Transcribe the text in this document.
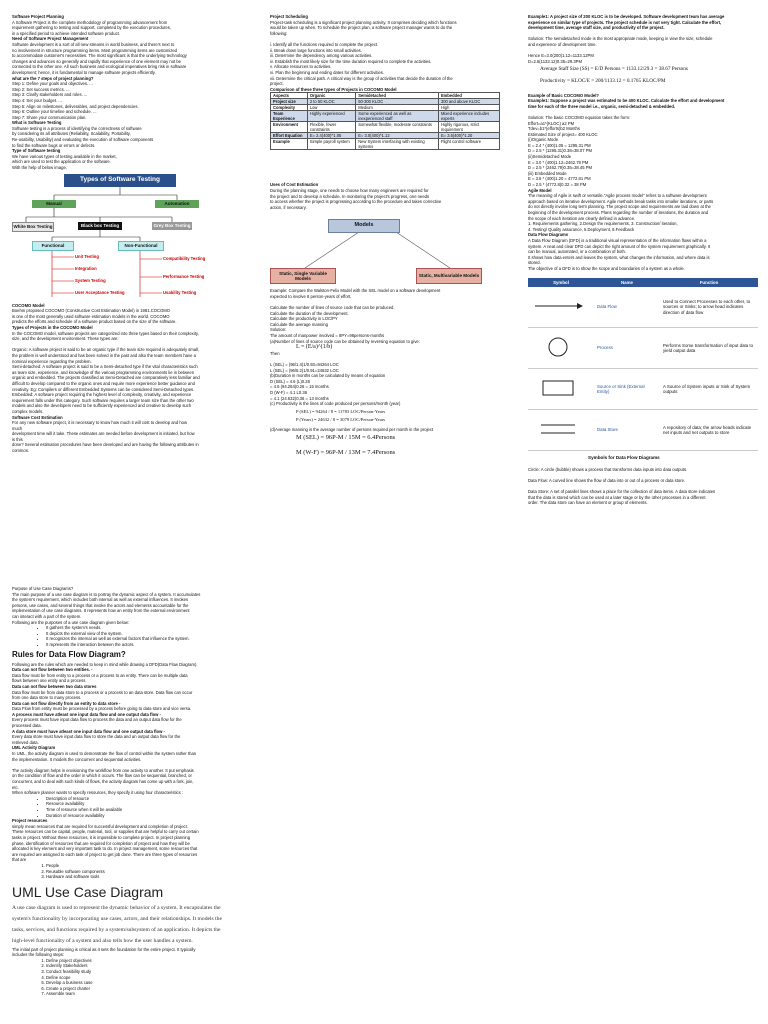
Software Project Planning

A Software Project is the complete methodology of programming advancement from

requirement gathering to testing and support, completed by the execution procedures,

in a specified period to achieve intended software product.

Need of Software Project Management

Software development is a sort of all new streams in world business, and there's next to

no involvement in structure programming items. Most programming items are customized

to accommodate customer's necessities. The most significant is that the underlying technology

changes and advances so generally and rapidly that experience of one element may not be

connected to the other one. All such business and ecological imperatives bring risk in software

development; hence, it is fundamental to manage software projects efficiently.

what are the 7 steps of project planning?

Step 1: Define your goals and objectives. ...

Step 2: Set success metrics. ...

Step 3: Clarify stakeholders and roles. ...

Step 4: Set your budget. ...

Step 5: Align on milestones, deliverables, and project dependencies.

Step 6: Outline your timeline and schedule. ...

Step 7: Share your communication plan.

What is Software Testing

Software testing is a process of identifying the correctness of software

by considering its all attributes (Reliability, Scalability, Portability,

Re-usability, Usability) and evaluating the execution of software components

to find the software bugs or errors or defects.

Type of Software testing

We have various types of testing available in the market,

which are used to test the application or the software.

With the help of below image,

Types of Software Testing
Manual	Automation
White Box Testing	Black box Testing	Grey Box Testing
Functional	Non-Functional
Unit Testing
Integration
System Testing
User Acceptance Testing
Compatibility Testing
Performance Testing
Usability Testing

COCOMO Model

Boehm proposed COCOMO (Constructive Cost Estimation Model) in 1981.COCOMO

is one of the most generally used software estimation models in the world. COCOMO

predicts the efforts and schedule of a software product based on the size of the software.

Types of Projects in the COCOMO Model

In the COCOMO model, software projects are categorized into three types based on their complexity,

size, and the development environment. These types are:

Organic: A software project is said to be an organic type if the team size required is adequately small,

the problem is well understood and has been solved in the past and also the team members have a

nominal experience regarding the problem.

Semi-detached: A software project is said to be a Semi-detached type if the vital characteristics such

as team size, experience, and knowledge of the various programming environments lie in between

organic and embedded. The projects classified as Semi-Detached are comparatively less familiar and

difficult to develop compared to the organic ones and require more experience better guidance and

creativity. Eg: Compilers or different Embedded Systems can be considered Semi-Detached types.

Embedded: A software project requiring the highest level of complexity, creativity, and experience

requirement falls under this category. Such software requires a larger team size than the other two

models and also the developers need to be sufficiently experienced and creative to develop such

complex models.

Software Cost Estimation

For any new software project, it is necessary to know how much it will cost to develop and how

much

development time will it take. These estimates are needed before development is initiated, but how

is this

done? Several estimation procedures have been developed and are having the following attributes in

common.

Project Scheduling

Project-task scheduling is a significant project planning activity. It comprises deciding which functions

would be taken up when. To schedule the project plan, a software project manager wants to do the

following:

i. Identify all the functions required to complete the project.

ii. Break down large functions into small activities.

iii. Determine the dependency among various activities.

iv. Establish the most likely size for the time duration required to complete the activities.

v. Allocate resources to activities.

vi. Plan the beginning and ending dates for different activities.

vii. Determine the critical path. A critical way is the group of activities that decide the duration of the

project.

Comparison of these three types of Projects in COCOMO Model

Aspects	Organic	Semidetached	Embedded
Project size	2 to 50 KLOC	50-300 KLOC	300 and above KLOC
Complexity	Low	Medium	High
Team Experience	Highly experienced	Some experienced as well as inexperienced staff	Mixed experience includes experts
Environment	Flexible, fewer constraints	Somewhat flexible, moderate constraints	Highly rigorous, strict requirement
Effort Equation	E= 2.4(400)^1.05	E= 3.0(400)^1.12	E= 3.6(400)^1.20
Example	Simple payroll system	New System interfacing with existing systems	Flight control software

Uses of Cost Estimation

During the planning stage, one needs to choose how many engineers are required for

the project and to develop a schedule. In monitoring the project's progress, one needs

to access whether the project is progressing according to the procedure and takes corrective

action, if necessary.

Models
Static, Single Variable Models
Static, Multivariable Models

Example: Compare the Walston-Felix Model with the SEL model on a software development

expected to involve 8 person-years of effort.

Calculate the number of lines of source code that can be produced.

Calculate the duration of the development.

Calculate the productivity in LOC/PY

Calculate the average manning

Solution:

The amount of manpower involved = 8PY=96persons-months

(a)Number of lines of source code can be obtained by reversing equation to give:

L = (E/a)^(1/b)

Then

L (SEL) = (96/1.4)1/0.93=94264 LOC

L (SEL) = (96/5.2)1/0.91=24632 LOC

(b)Duration in months can be calculated by means of equation

D (SEL) = 4.6 (L)0.26

= 4.6 (94.264)0.26 = 15 months

D (W-F) = 4.1 L0.36

= 4.1 (24.632)0.36 = 13 months

(c) Productivity is the lines of code produced per persons/month (year)

P (SEL) = 94264 / 8 = 11783 LOC/Person-Years
P (Years) = 24632 / 8 = 3079 LOC/Person-Years

(d)Average manning is the average number of persons required per month in the project

M (SEL) = 96P-M / 15M = 6.4Persons
M (W-F) = 96P-M / 13M = 7.4Persons

Example1: A project size of 200 KLOC is to be developed. Software development team has average

experience on similar type of projects. The project schedule is not very tight. Calculate the effort,

development time, average staff size, and productivity of the project.

Solution: The semidetached mode is the most appropriate mode, keeping in view the size, schedule

and experience of development time.

Hence E=3.0(200)1.12=1133.12PM

D=2.5(1133.12)0.35=29.3PM

Average Staff Size (SS) = E/D Persons = 1133.12/29.3 = 38.67 Persons
Productivity = KLOC/E = 200/1133.12 = 0.1765 KLOC/PM

Example of Basic COCOMO Model?

Example1: Suppose a project was estimated to be 400 KLOC. Calculate the effort and development

time for each of the three model i.e., organic, semi-detached & embedded.

Solution: The basic COCOMO equation takes the form:

Effort=a1*(KLOC) a2 PM

Tdev=b1*(efforts)b2 Months

Estimated Size of project= 400 KLOC

(i)Organic Mode

E = 2.4 * (400)1.05 = 1295.31 PM

D = 2.5 * (1295.31)0.38=38.07 PM

(ii)Semidetached Mode

E = 3.0 * (400)1.12=2462.79 PM

D = 2.5 * (2462.79)0.35=38.45 PM

(iii) Embedded Mode

E = 3.6 * (400)1.20 = 4772.81 PM

D = 2.5 * (4772.8)0.32 = 38 PM

Agile Model

The meaning of Agile is swift or versatile."Agile process model" refers to a software development

approach based on iterative development. Agile methods break tasks into smaller iterations, or parts

do not directly involve long term planning. The project scope and requirements are laid down at the

beginning of the development process. Plans regarding the number of iterations, the duration and

the scope of each iteration are clearly defined in advance.

1. Requirements gathering, 2.Design the requirements, 3. Construction/ iteration,

4. Testing/ Quality assurance, 5.Deployment, 6.Feedback

Data Flow Diagrams

A Data Flow Diagram (DFD) is a traditional visual representation of the information flows within a

system. A neat and clear DFD can depict the right amount of the system requirement graphically. It

can be manual, automated, or a combination of both.

It shows how data enters and leaves the system, what changes the information, and where data is

stored.

The objective of a DFD is to show the scope and boundaries of a system as a whole.

Symbol	Name	Function
	Data Flow	Used to Connect Processes to each other, to sources or Sinks; to arrow head indicates direction of data flow
	Process	Performs Some transformation of input data to yield output data
	Source or Sink (External Entity)	A Source of System inputs or Sink of System outputs
	Data Store	A repository of data; the arrow heads indicate net inputs and net outputs to store

Symbols for Data Flow Diagrams

Circle: A circle (bubble) shows a process that transforms data inputs into data outputs.

Data Flow: A curved line shows the flow of data into or out of a process or data store.

Data Store: A set of parallel lines shows a place for the collection of data items. A data store indicates

that the data is stored which can be used at a later stage or by the other processes in a different

order. The data store can have an element or group of elements.

Purpose of Use Case Diagrams?

The main purpose of a use case diagram is to portray the dynamic aspect of a system. It accumulates

the system's requirement, which includes both internal as well as external influences. It invokes

persons, use cases, and several things that invoke the actors and elements accountable for the

implementation of use case diagrams. It represents how an entity from the external environment

can interact with a part of the system.

Following are the purposes of a use case diagram given below:

• It gathers the system's needs.
• It depicts the external view of the system.
• It recognizes the internal as well as external factors that influence the system.
• It represents the interaction between the actors.
Rules for Data Flow Diagram?

Following are the rules which are needed to keep in mind while drawing a DFD(Data Flow Diagram).

Data can not flow between two entities. -

Data flow must be from entity to a process or a process to an entity. There can be multiple data

flows between one entity and a process.

Data can not flow between two data stores

Data flow must be from data store to a process or a process to an data store. Data flow can occur

from one data store to many process.

Data can not flow directly from an entity to data store -

Data Flow from entity must be processed by a process before going to data store and vice versa.

A process must have atleast one input data flow and one output data flow -

Every process must have input data flow to process the data and an output data flow for the

processed data.

A data store must have atleast one input data flow and one output data flow -

Every data store must have input data flow to store the data and an output data flow for the

retrieved data.

UML Activity Diagram

In UML, the activity diagram is used to demonstrate the flow of control within the system rather than

the implementation. It models the concurrent and sequential activities.

The activity diagram helps in envisioning the workflow from one activity to another. It put emphasis

on the condition of flow and the order in which it occurs. The flow can be sequential, branched, or

concurrent, and to deal with such kinds of flows, the activity diagram has come up with a fork, join,

etc.

When software planner wants to specify resources, they specify it using four characteristics :

• Description of resource
• Resource availability
• Time of resource when it will be available
• Duration of resource availability

Project resources

simply mean resources that are required for successful development and completion of project.

These resources can be capital, people, material, tool, or supplies that are helpful to carry out certain

tasks in project. Without these resources, it is impossible to complete project. In project planning

phase, identification of resources that are required for completion of project and how they will be

allocated is key element and very important task to do. In project management, some resources that

are required are assigned to each task of project to get job done. There are three types of resources

that are

1. People
2. Reusable software components
3. Hardware and software tools
UML Use Case Diagram

A use case diagram is used to represent the dynamic behavior of a system. It encapsulates the

system's functionality by incorporating use cases, actors, and their relationships. It models the

tasks, services, and functions required by a system/subsystem of an application. It depicts the

high-level functionality of a system and also tells how the user handles a system.

The initial part of project planning is critical as it sets the foundation for the entire project. It typically

includes the following steps:

1. Define project objectives
2. Indentify Stakeholders
3. Conduct feasibility study
4. Define scope
5. Develop a business case
6. Create a project charter
7. Assemble team
